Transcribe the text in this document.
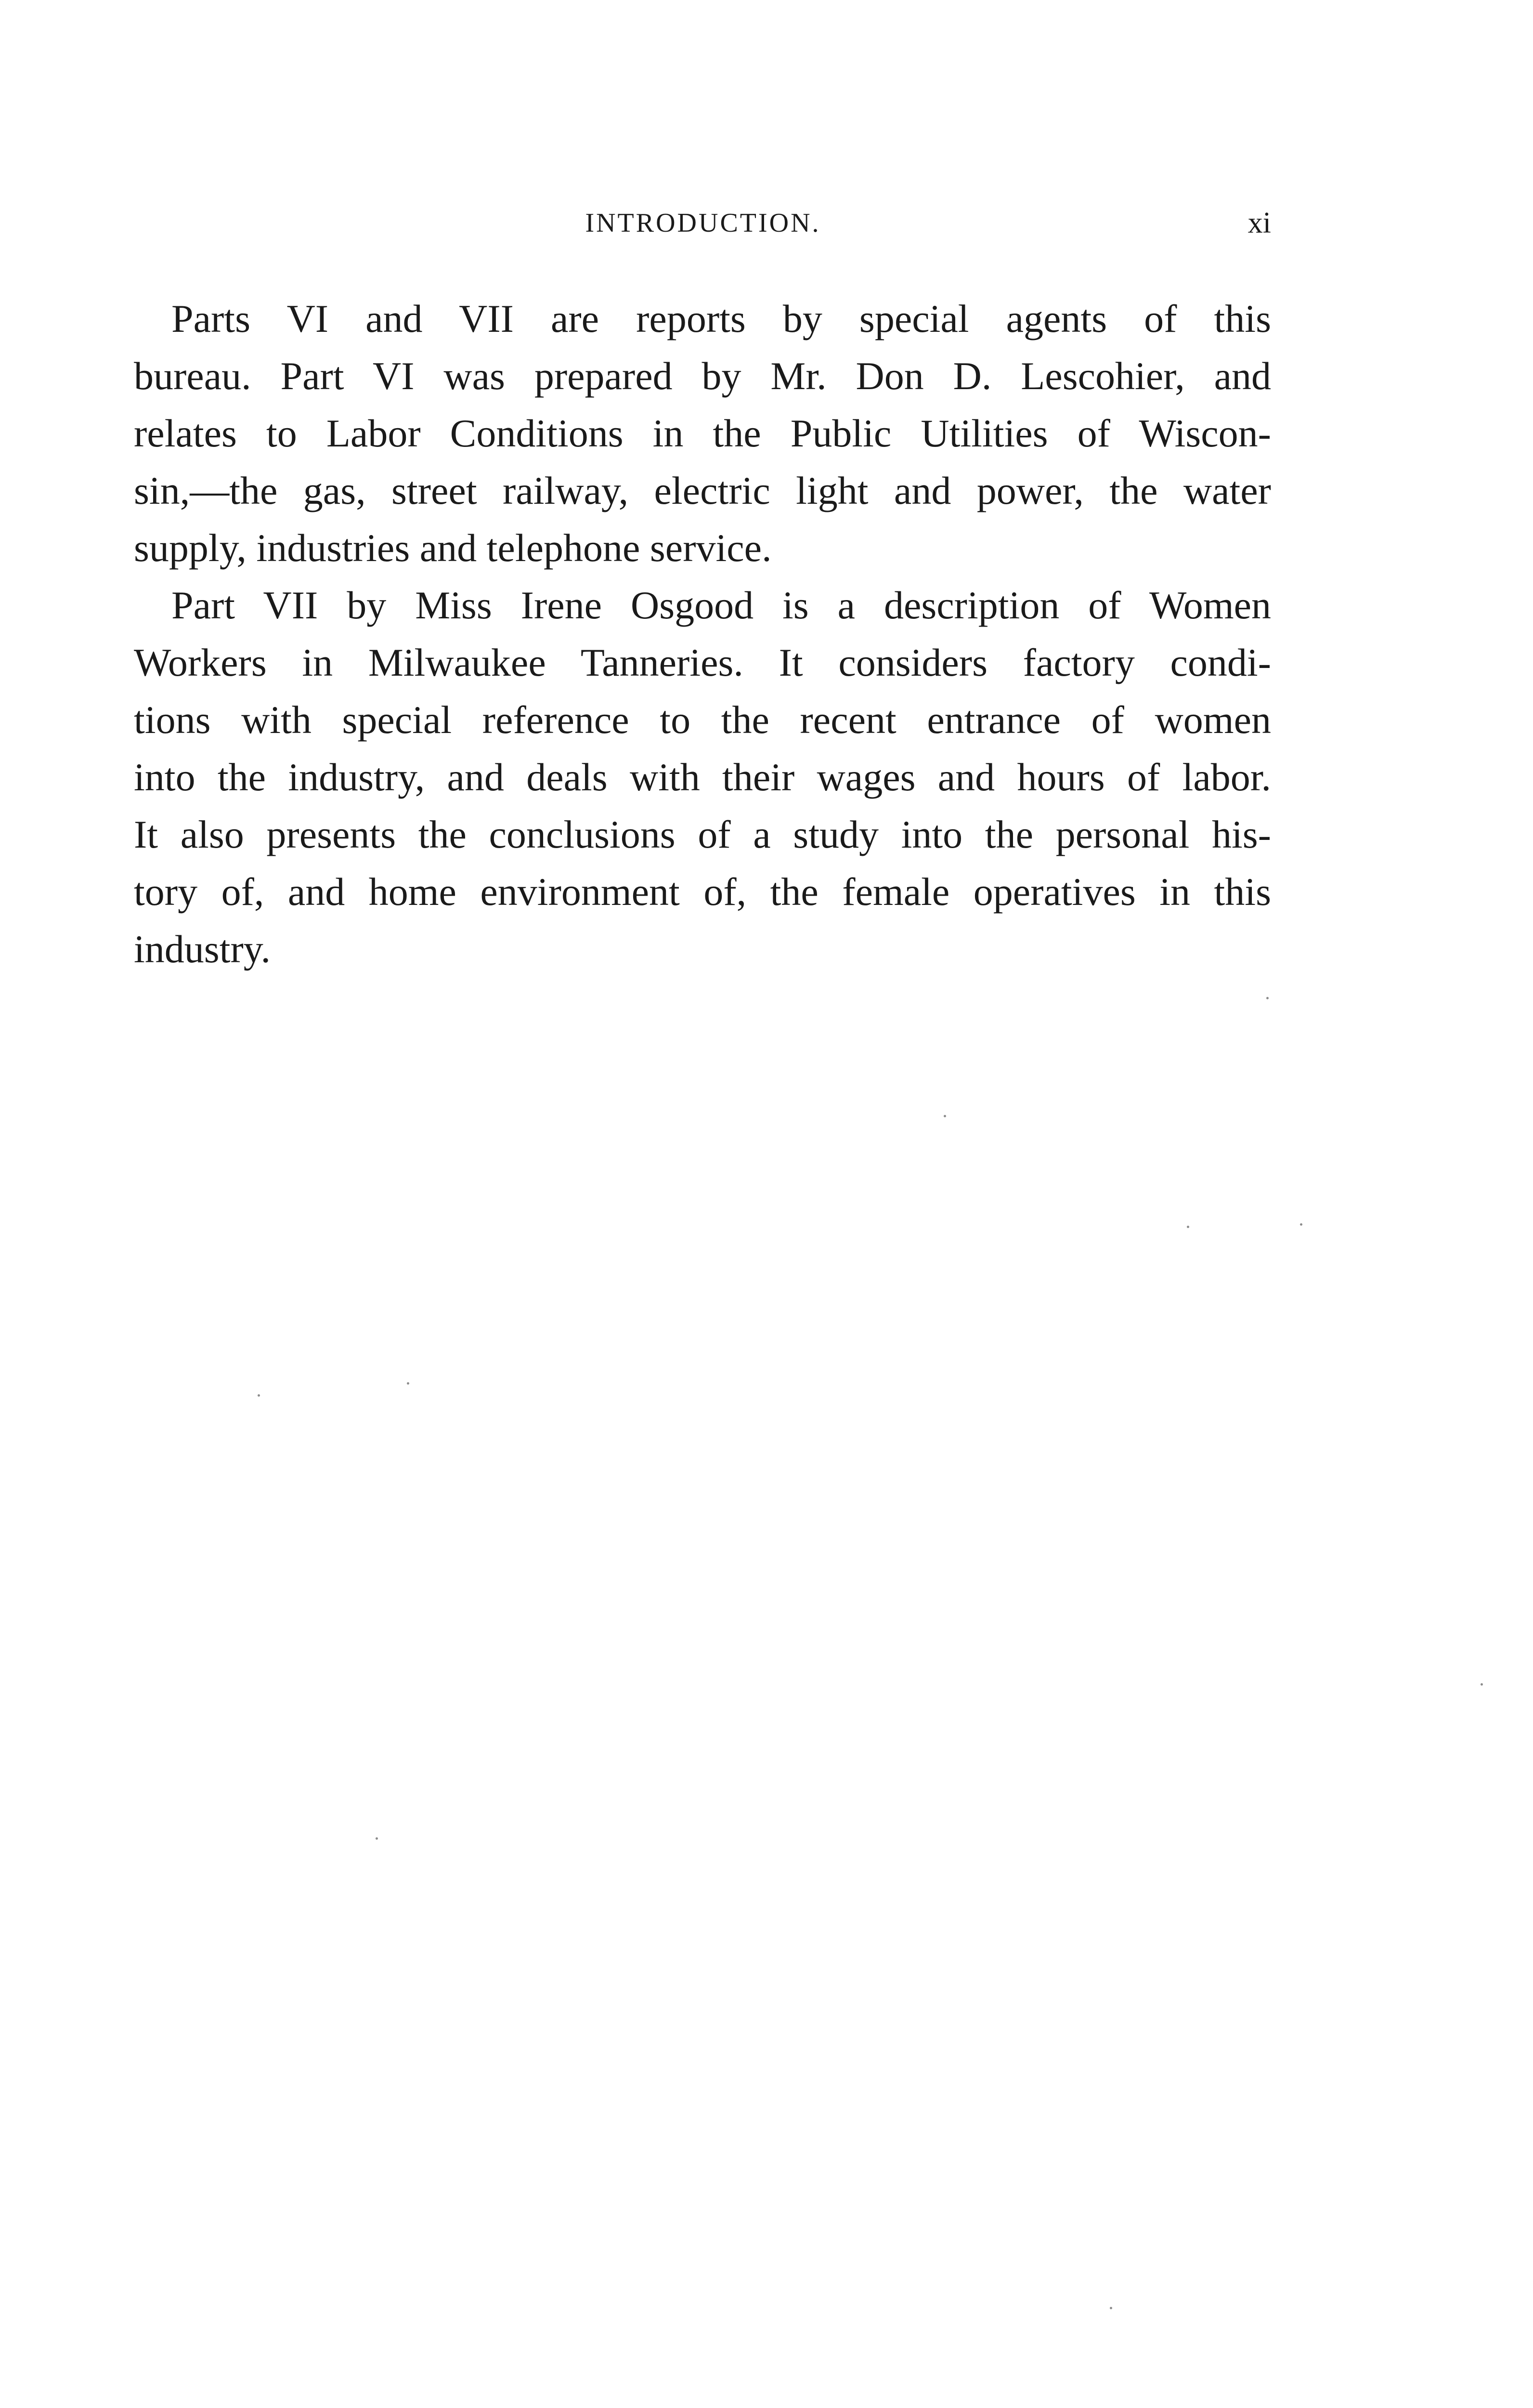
INTRODUCTION.	xi
Parts VI and VII are reports by special agents of this
bureau. Part VI was prepared by Mr. Don D. Lescohier, and
relates to Labor Conditions in the Public Utilities of Wiscon-
sin,—the gas, street railway, electric light and power, the water
supply, industries and telephone service.
Part VII by Miss Irene Osgood is a description of Women
Workers in Milwaukee Tanneries. It considers factory condi-
tions with special reference to the recent entrance of women
into the industry, and deals with their wages and hours of labor.
It also presents the conclusions of a study into the personal his-
tory of, and home environment of, the female operatives in this
industry.
